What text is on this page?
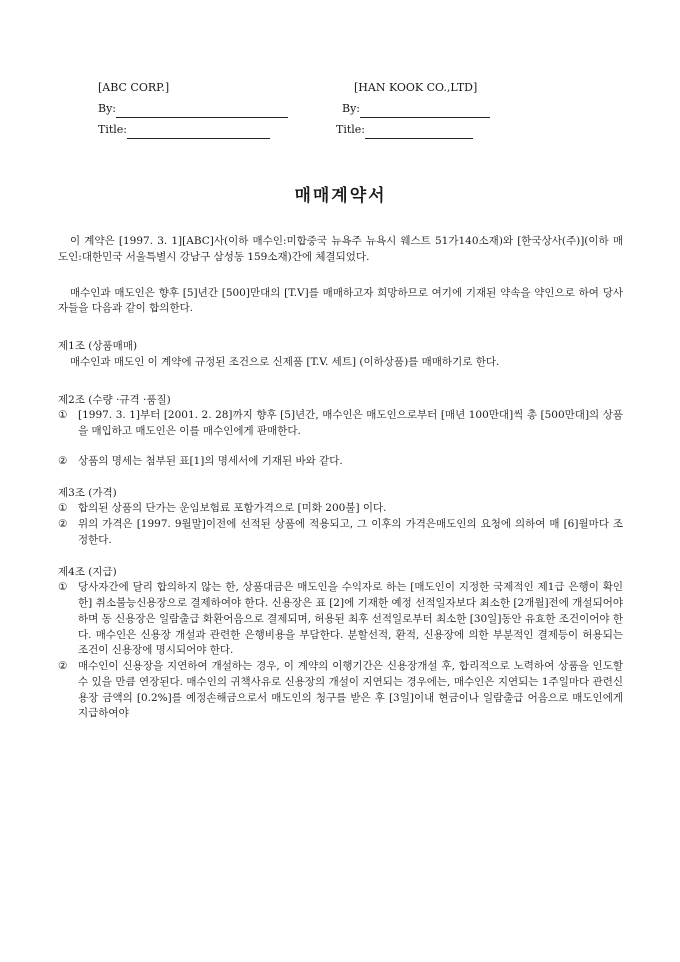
[ABC CORP.]
By:
Title:
[HAN KOOK CO.,LTD]
By:
Title:
매매계약서

이 계약은 [1997. 3. 1][ABC]사(이하 매수인:미합중국 뉴욕주 뉴욕시 웨스트 51가140소재)와 [한국상사(주)](이하 매도인:대한민국 서울특별시 강남구 삼성동 159소재)간에 체결되었다.

매수인과 매도인은 향후 [5]년간 [500]만대의 [T.V]를 매매하고자 희망하므로 여기에 기재된 약속을 약인으로 하여 당사자들을 다음과 같이 합의한다.

제1조 (상품매매)

매수인과 매도인 이 계약에 규정된 조건으로 신제품 [T.V. 세트] (이하상품)를 매매하기로 한다.

제2조 (수량 ·규격 ·품질)

① [1997. 3. 1]부터 [2001. 2. 28]까지 향후 [5]년간, 매수인은 매도인으로부터 [매년 100만대]씩 총 [500만대]의 상품을 매입하고 매도인은 이를 매수인에게 판매한다.
② 상품의 명세는 첨부된 표[1]의 명세서에 기재된 바와 같다.

제3조 (가격)

① 합의된 상품의 단가는 운임보험료 포함가격으로 [미화 200불] 이다.
② 위의 가격은 [1997. 9월말]이전에 선적된 상품에 적용되고, 그 이후의 가격은매도인의 요청에 의하여 매 [6]월마다 조정한다.

제4조 (지급)

① 당사자간에 달리 합의하지 않는 한, 상품대금은 매도인을 수익자로 하는 [매도인이 지정한 국제적인 제1급 은행이 확인한] 취소불능신용장으로 결제하여야 한다. 신용장은 표 [2]에 기재한 예정 선적일자보다 최소한 [2개월]전에 개설되어야 하며 동 신용장은 일람출급 화환어음으로 결제되며, 허용된 최후 선적일로부터 최소한 [30일]동안 유효한 조건이어야 한다. 매수인은 신용장 개설과 관련한 은행비용을 부담한다. 분할선적, 환적, 신용장에 의한 부분적인 결제등이 허용되는 조건이 신용장에 명시되어야 한다.
② 매수인이 신용장을 지연하여 개설하는 경우, 이 계약의 이행기간은 신용장개설 후, 합리적으로 노력하여 상품을 인도할 수 있을 만큼 연장된다. 매수인의 귀책사유로 신용장의 개설이 지연되는 경우에는, 매수인은 지연되는 1주일마다 관련신용장 금액의 [0.2%]를 예정손해금으로서 매도인의 청구를 받은 후 [3일]이내 현금이나 일람출급 어음으로 매도인에게 지급하여야
